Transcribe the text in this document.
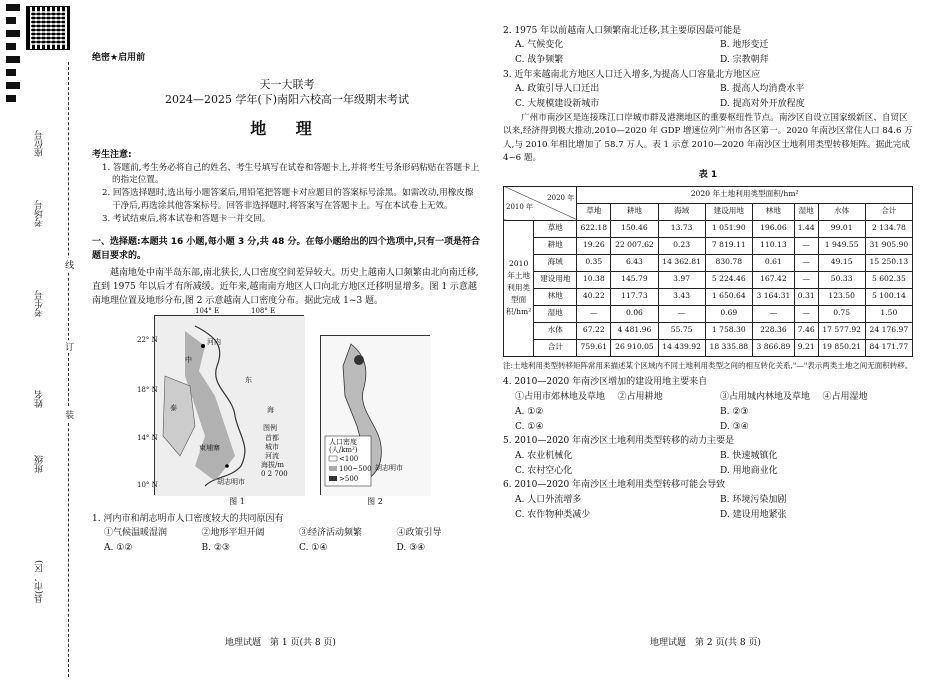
座位号
考场号
考生号
姓名
班级
县(市、区)
线
订
装
绝密★启用前
天一大联考
2024—2025 学年(下)南阳六校高一年级期末考试
地 理
考生注意:

1. 答题前,考生务必将自己的姓名、考生号填写在试卷和答题卡上,并将考生号条形码粘贴在答题卡上的指定位置。

2. 回答选择题时,选出每小题答案后,用铅笔把答题卡对应题目的答案标号涂黑。如需改动,用橡皮擦干净后,再选涂其他答案标号。回答非选择题时,将答案写在答题卡上。写在本试卷上无效。

3. 考试结束后,将本试卷和答题卡一并交回。

一、选择题:本题共 16 小题,每小题 3 分,共 48 分。在每小题给出的四个选项中,只有一项是符合题目要求的。
越南地处中南半岛东部,南北狭长,人口密度空间差异较大。历史上越南人口频繁由北向南迁移,直到 1975 年以后才有所减缓。近年来,越南南方地区人口向北方地区迁移明显增多。图 1 示意越南地理位置及地形分布,图 2 示意越南人口密度分布。据此完成 1~3 题。
104° E	108° E
22° N
18° N
14° N
10° N
河内
中
东
泰
柬埔寨
海
图例
首都
城市
河流
海拔/m
0 2 700
胡志明市
人口密度
(人/km²)
<100
100~500
>500
胡志明市
图 1	图 2
1. 河内市和胡志明市人口密度较大的共同原因有
①气候温暖湿润	②地形平坦开阔	③经济活动频繁	④政策引导
A. ①②	B. ②③	C. ①④	D. ③④
地理试题　第 1 页(共 8 页)
2. 1975 年以前越南人口频繁南北迁移,其主要原因最可能是
A. 气候变化	B. 地形变迁
C. 战争频繁	D. 宗教朝拜
3. 近年来越南北方地区人口迁入增多,为提高人口容量北方地区应
A. 政策引导人口迁出	B. 提高人均消费水平
C. 大规模建设新城市	D. 提高对外开放程度
广州市南沙区是连接珠江口岸城市群及港澳地区的重要枢纽性节点。南沙区自设立国家级新区、自贸区以来,经济得到极大推动,2010—2020 年 GDP 增速位列广州市各区第一。2020 年南沙区常住人口 84.6 万人,与 2010 年相比增加了 58.7 万人。表 1 示意 2010—2020 年南沙区土地利用类型转移矩阵。据此完成 4~6 题。
表 1
2020 年
2010 年		2020 年土地利用类型面积/hm²							
		草地	耕地	海域	建设用地	林地	湿地	水体	合计
2010 年土地利用类型面积/hm²	草地	622.18	150.46	13.73	1 051.90	196.06	1.44	99.01	2 134.78
	耕地	19.26	22 007.62	0.23	7 819.11	110.13	—	1 949.55	31 905.90
	海域	0.35	6.43	14 362.81	830.78	0.61	—	49.15	15 250.13
	建设用地	10.38	145.79	3.97	5 224.46	167.42	—	50.33	5 602.35
	林地	40.22	117.73	3.43	1 650.64	3 164.31	0.31	123.50	5 100.14
	湿地	—	0.06	—	0.69	—	—	0.75	1.50
	水体	67.22	4 481.96	55.75	1 758.30	228.36	7.46	17 577.92	24 176.97
	合计	759.61	26 910.05	14 439.92	18 335.88	3 866.89	9.21	19 850.21	84 171.77
注:土地利用类型转移矩阵常用来描述某个区域内不同土地利用类型之间的相互转化关系,"—"表示两类土地之间无面积转移。
4. 2010—2020 年南沙区增加的建设用地主要来自
①占用市郊林地及草地	②占用耕地	③占用城内林地及草地	④占用湿地
A. ①②	B. ②③
C. ①④	D. ③④
5. 2010—2020 年南沙区土地利用类型转移的动力主要是
A. 农业机械化	B. 快速城镇化
C. 农村空心化	D. 用地商业化
6. 2010—2020 年南沙区土地利用类型转移可能会导致
A. 人口外流增多	B. 环境污染加剧
C. 农作物种类减少	D. 建设用地紧张
地理试题　第 2 页(共 8 页)
